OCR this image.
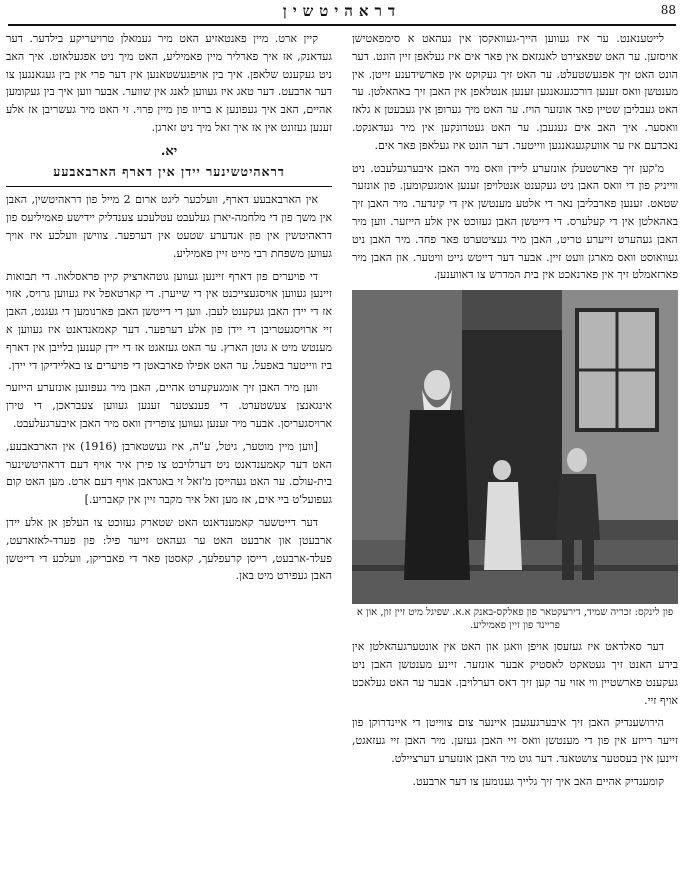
דראהיטשין	88

לייטענאנט. ער איז געווען הייך-געוואקסן אין געהאט א סימפאטישן אויסזען. ער האט שפאצירט לאנגזאם אין פאר אים איז געלאפן זיין הונט. דער הונט האט זיך אפגעשטעלט. ער האט זיך געקוקט אין פארשידענע זייטן. אין מענטשן וואס זענען דורכגעגאנגען זענען אנטלאפן אין האבן זיך באהאלטן. ער האט געבליבן שטיין פאר אונזער הויז. ער האט מיך גערופן אין געבעטן א גלאז וואסער. איך האב אים געגעבן. ער האט געטרונקען אין מיר געדאנקט. נאכדעם איז ער אוועקגעגאנגען ווייטער. דער הונט איז געלאפן פאר אים.

מ'קען זיך פארשטעלן אונזערע ליידן וואס מיר האבן איבערגעלעבט. ניט ווייניק פון די וואס האבן ניט געקענט אנטלויפן זענען אומגעקומען. פון אונזער שטאט. זענען פארבליבן נאר די אלטע מענטשן אין די קינדער. מיר האבן זיך באהאלטן אין די קעלערס. די דייטשן האבן געזוכט אין אלע הייזער. ווען מיר האבן געהערט זייערע טריט, האבן מיר געציטערט פאר פחד. מיר האבן ניט געוואוסט וואס מארגן וועט זיין. אבער דער דייטש גייט וויטער. און האבן מיר פארזאמלט זיך אין פארנאכט אין בית המדרש צו דאווענען.

פון לינקס: זכריה שמיד, דירעקטאר פון פאלקס-באנק א.א. שפיגל מיט זיין זון, און א פריינד פון זיין פאמיליע.

דער סאלדאט איז געזעסן אויפן וואגן און האט אין אונטערגעהאלטן אין בידע האנט זיך געטאקט לאסטיק אבער אונזער. זיינע מענטשן האבן ניט געקענט פארשטיין ווי אזוי ער קען זיך דאס דערלויבן. אבער ער האט געלאכט אויף זיי.

הירושענדיק האבן זיך איבערגעגעבן איינער צום צווייטן די איינדרוקן פון זייער רייזע אין פון די מענטשן וואס זיי האבן געזען. מיר האבן זיי געזאגט, זיינען אין בעסטער צושטאנד. דער גוט מיר האבן אונזערע דערציילט.

קומענדיק אהיים האב איך זיך גלייך גענומען צו דער ארבעט.

קיין ארט. מיין פאנטאזיע האט מיר געמאלן טרויעריקע בילדער. דער געדאנק, אז איך פארליר מיין פאמיליע, האט מיך ניט אפגעלאזט. איך האב ניט געקענט שלאפן. איך בין אויפגעשטאנען אין דער פרי אין בין געגאנגען צו דער ארבעט. דער טאג איז געווען לאנג אין שווער. אבער ווען איך בין געקומען אהיים, האב איך געפונען א בריוו פון מיין פרוי. זי האט מיר געשריבן אז אלע זענען געזונט אין אז איך זאל מיך ניט זארגן.

יא.
דראהיטשינער יידן אין דארף הארבאבעע

אין הארבאבעע דארף, וועלכער ליגט ארום 2 מייל פון דראהיטשין, האבן אין משך פון די מלחמה-יארן געלעבט עטלעכע צענדליק יידישע פאמיליעס פון דראהיטשין אין פון אנדערע שטעט אין דערפער. צווישן וועלכע איז אויך געווען משפחת רבי מייט זיין פאמיליע.

די פויערים פון דארף זיינען געווען גוטהארציק קיין פראסלאוו. די תבואות זיינען געווען אויסגעצייכנט אין די שייערן. די קארטאפל איז געווען גרויס, אזוי אז די יידן האבן געקענט לעבן. ווען די דייטשן האבן פארנומען די געגנט, האבן זיי ארויסגעטריבן די יידן פון אלע דערפער. דער קאמאנדאנט איז געווען א מענטש מיט א גוטן הארץ. ער האט געזאגט אז די יידן קענען בלייבן אין דארף ביז ווייטער באפעל. ער האט אפילו פארבאטן די פויערים צו באליידיקן די יידן.

ווען מיר האבן זיך אומגעקערט אהיים, האבן מיר געפונען אונזערע הייזער אינגאנצן צעשטערט. די פענצטער זענען געווען צעבראכן, די טירן ארויסגעריסן. אבער מיר זענען געווען צופרידן וואס מיר האבן איבערגעלעבט.

[ווען מיין מוטער, גיטל, ע"ה, איז געשטארבן (1916) אין הארבאבעע, האט דער קאמענדאנט ניט דערלויבט צו פירן איר אויף דעם דראהיטשינער בית-עולם. ער האט געהייסן מ'זאל זי באגראבן אויף דעם ארט. מען האט קום געפועל'ט ביי אים, אז מען זאל איר מקבר זיין אין קאבריע.]

דער דייטשער קאמענדאנט האט שטארק געזוכט צו העלפן אן אלע יידן ארבעטן און ארבעט האט ער געהאט זייער פיל: פון פערד-לאזארעט, פעלד-ארבעט, רייסן קרעפלעך, קאסטן פאר די פאבריקן, וועלכע די דייטשן האבן געפירט מיט באן.
